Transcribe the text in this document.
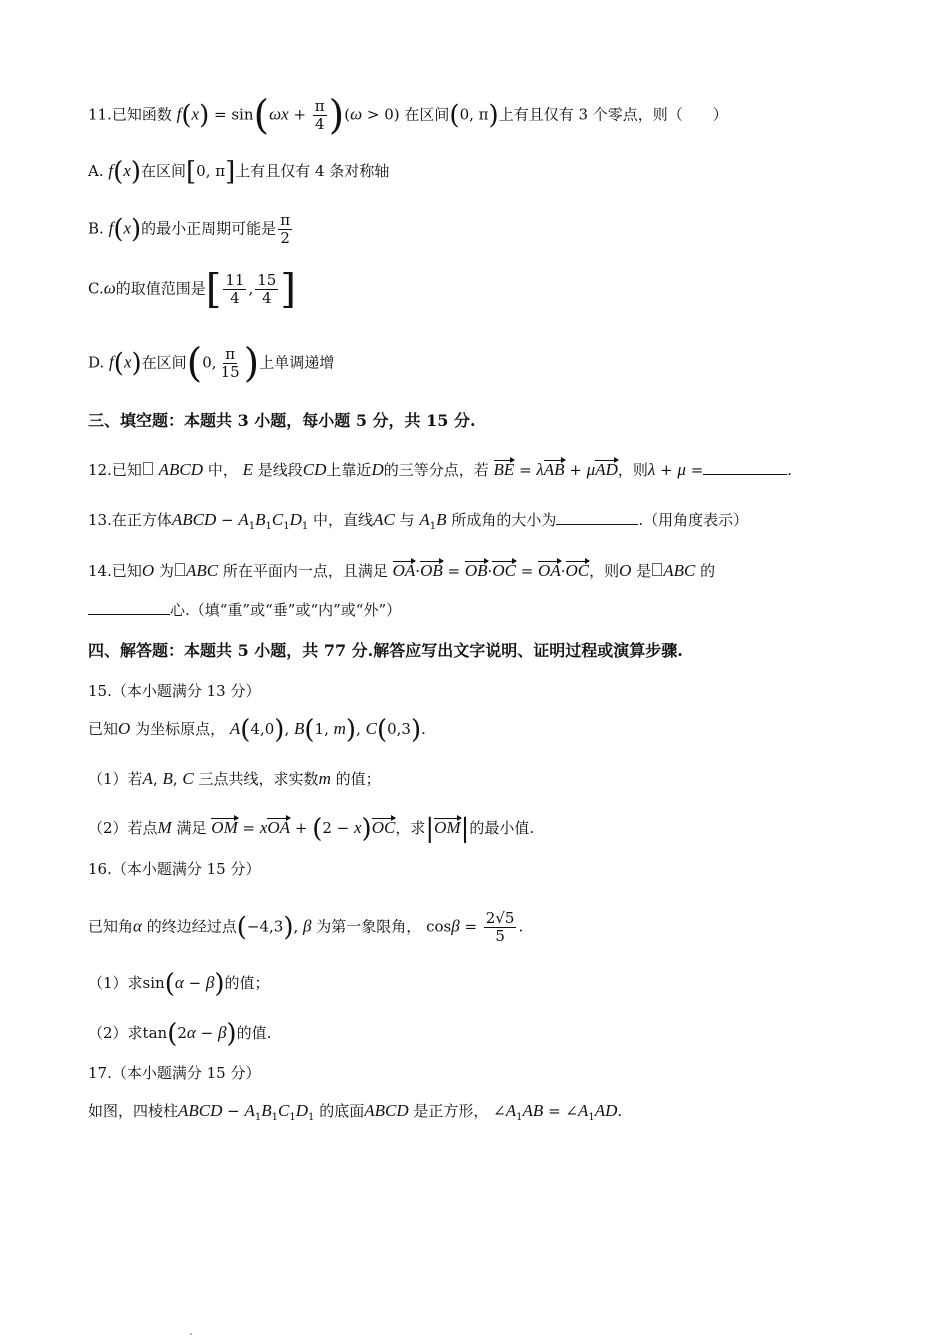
11.已知函数 $f(x) = \sin(\omega x + \frac{\pi}{4} )(\omega > 0)$ 在区间(0, π)上有且仅有 3 个零点，则（　　）
A. f(x)在区间[0, π]上有且仅有 4 条对称轴
B. f(x)的最小正周期可能是 $\frac{\pi}{2}$
C.ω的取值范围是[ $\frac{11}{4}$ , $\frac{15}{4}$ ]
D. f(x)在区间(0, $\frac{\pi}{15}$ )上单调递增
三、填空题：本题共 3 小题，每小题 5 分，共 15 分.
12.已知 ABCD 中， E 是线段CD上靠近D的三等分点，若 BE = λAB + μAD，则λ + μ =	.
13.在正方体ABCD − $A_1B_1C_1D_1$ 中，直线AC 与 $A_1B$ 所成角的大小为	.（用角度表示）
14.已知O 为 ABC 所在平面内一点，且满足 OA·OB = OB·OC = OA·OC，则O 是 ABC 的
心.（填“重”或“垂”或“内”或“外”）
四、解答题：本题共 5 小题，共 77 分.解答应写出文字说明、证明过程或演算步骤.
15.（本小题满分 13 分）
已知O 为坐标原点， A(4,0), B(1, m), C(0,3).
（1）若A, B, C 三点共线，求实数m 的值；
（2）若点M 满足 OM = xOA + (2 − x)OC，求|OM|的最小值.
16.（本小题满分 15 分）
已知角α 的终边经过点(−4,3), β 为第一象限角， $\cos\beta = \frac{2√5}{5}$ .
（1）求sin(α − β)的值；
（2）求tan(2α − β)的值.
17.（本小题满分 15 分）
如图，四棱柱ABCD − $A_1B_1C_1D_1$ 的底面ABCD 是正方形， $\angle A_1AB$ = $\angle A_1AD$.
